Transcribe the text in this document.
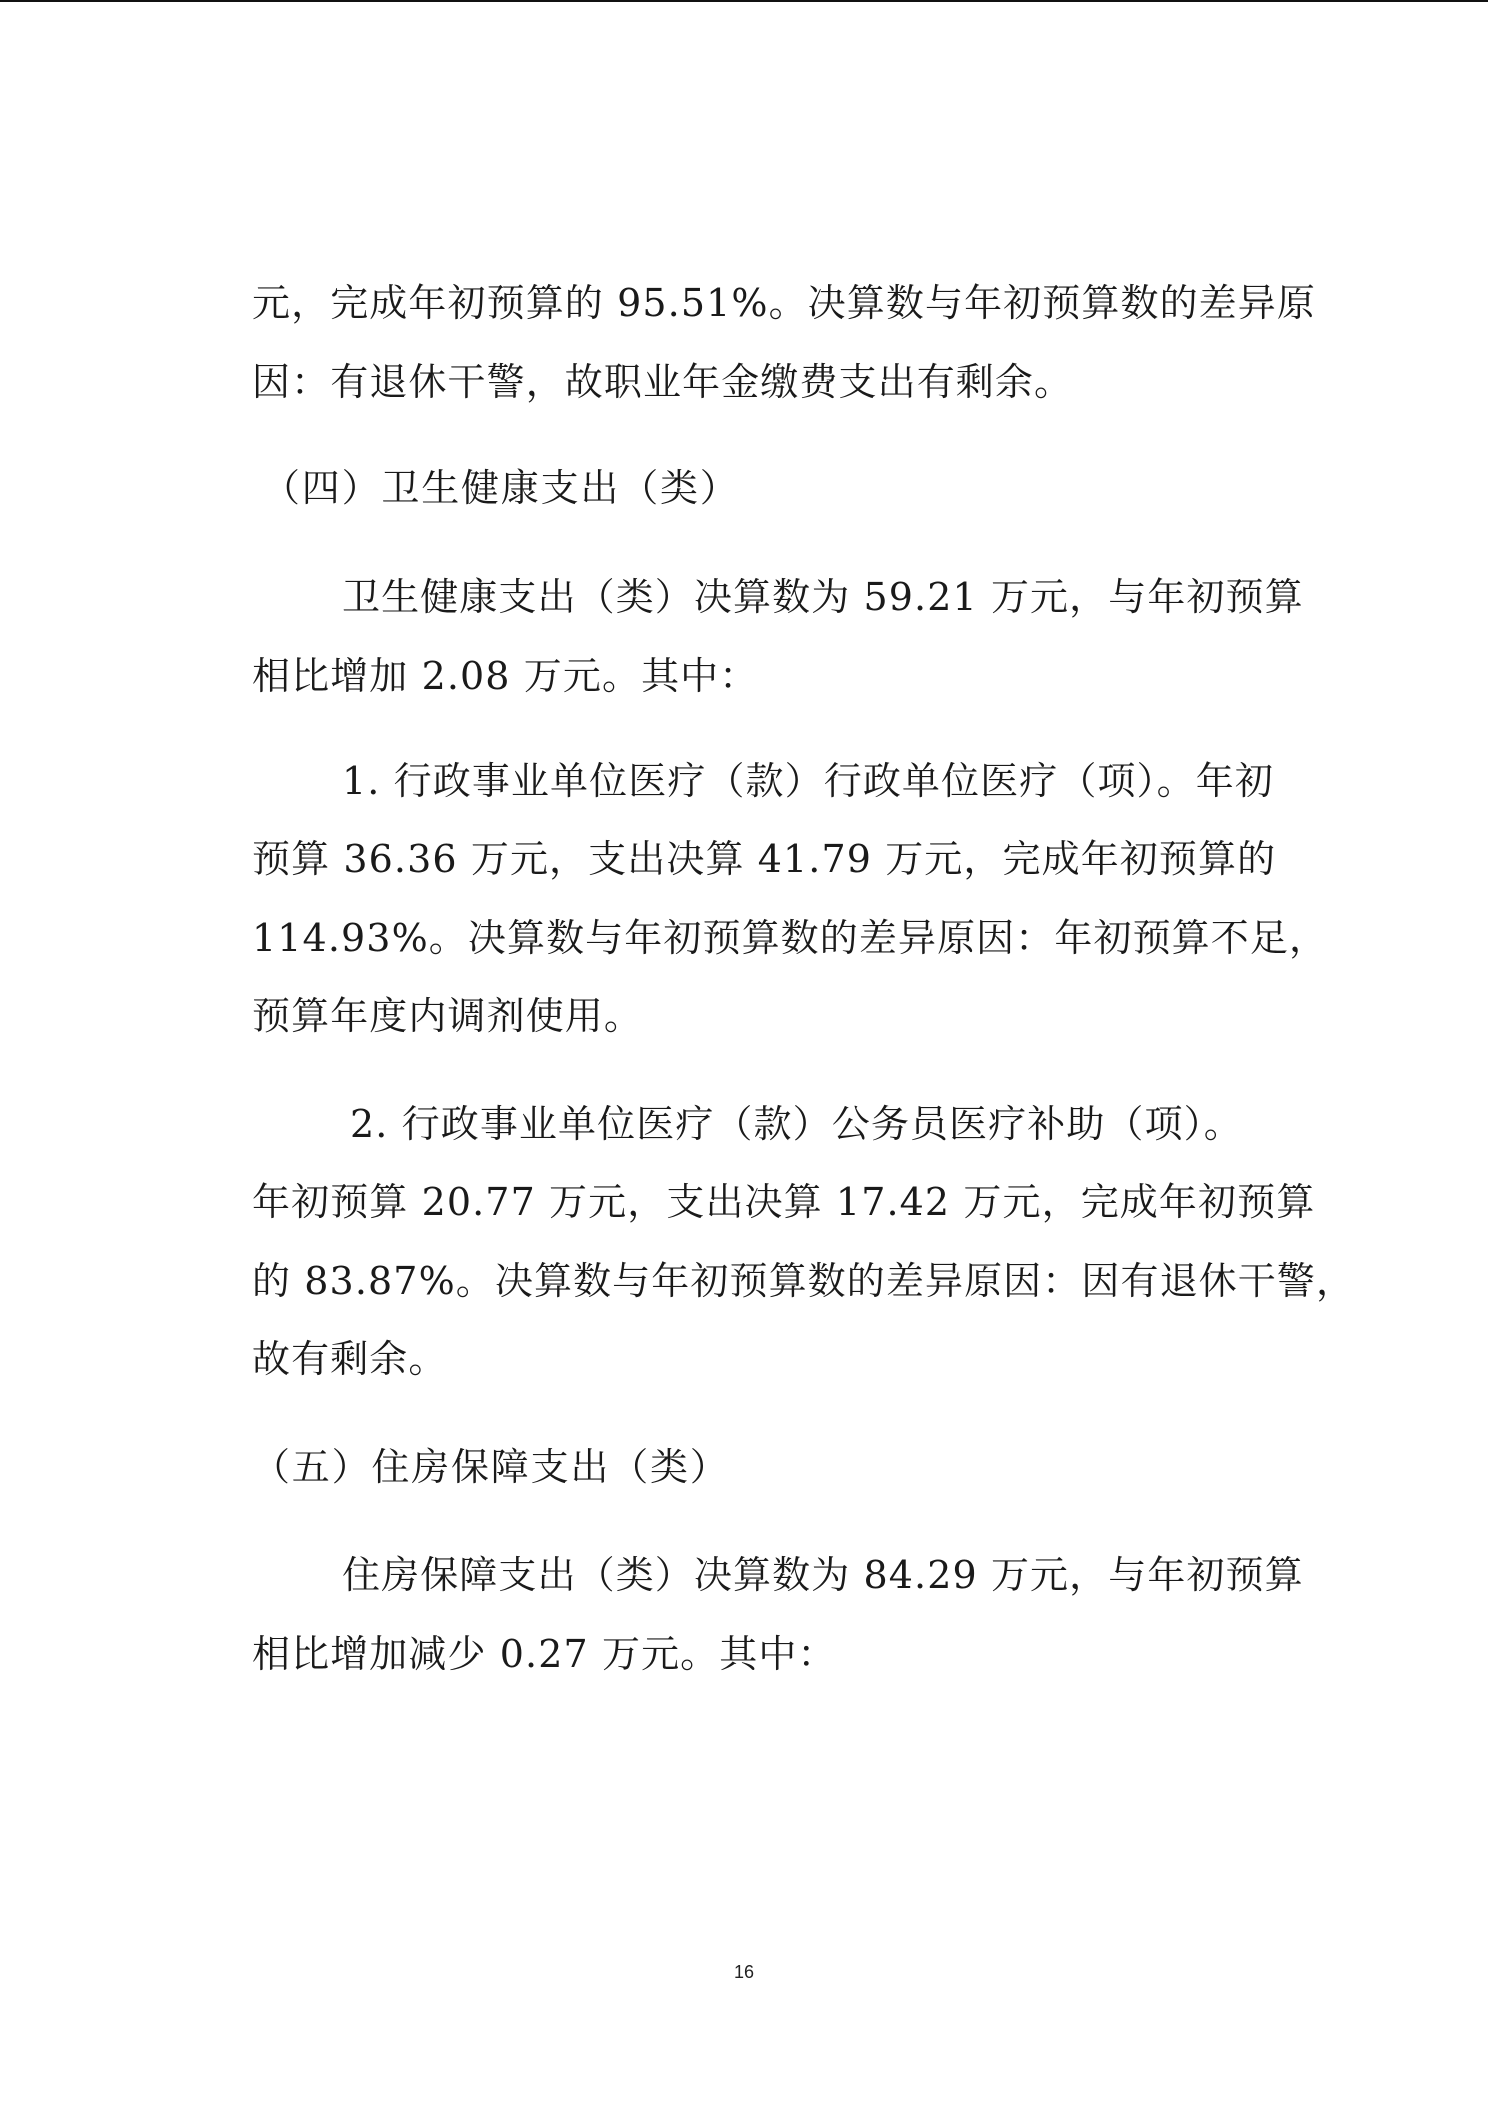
元，完成年初预算的 95.51%。决算数与年初预算数的差异原
因：有退休干警，故职业年金缴费支出有剩余。
（四）卫生健康支出（类）
卫生健康支出（类）决算数为 59.21 万元，与年初预算
相比增加 2.08 万元。其中：
1. 行政事业单位医疗（款）行政单位医疗（项）。年初
预算 36.36 万元，支出决算 41.79 万元，完成年初预算的
114.93%。决算数与年初预算数的差异原因：年初预算不足，
预算年度内调剂使用。
2. 行政事业单位医疗（款）公务员医疗补助（项）。
年初预算 20.77 万元，支出决算 17.42 万元，完成年初预算
的 83.87%。决算数与年初预算数的差异原因：因有退休干警，
故有剩余。
（五）住房保障支出（类）
住房保障支出（类）决算数为 84.29 万元，与年初预算
相比增加减少 0.27 万元。其中：
16
